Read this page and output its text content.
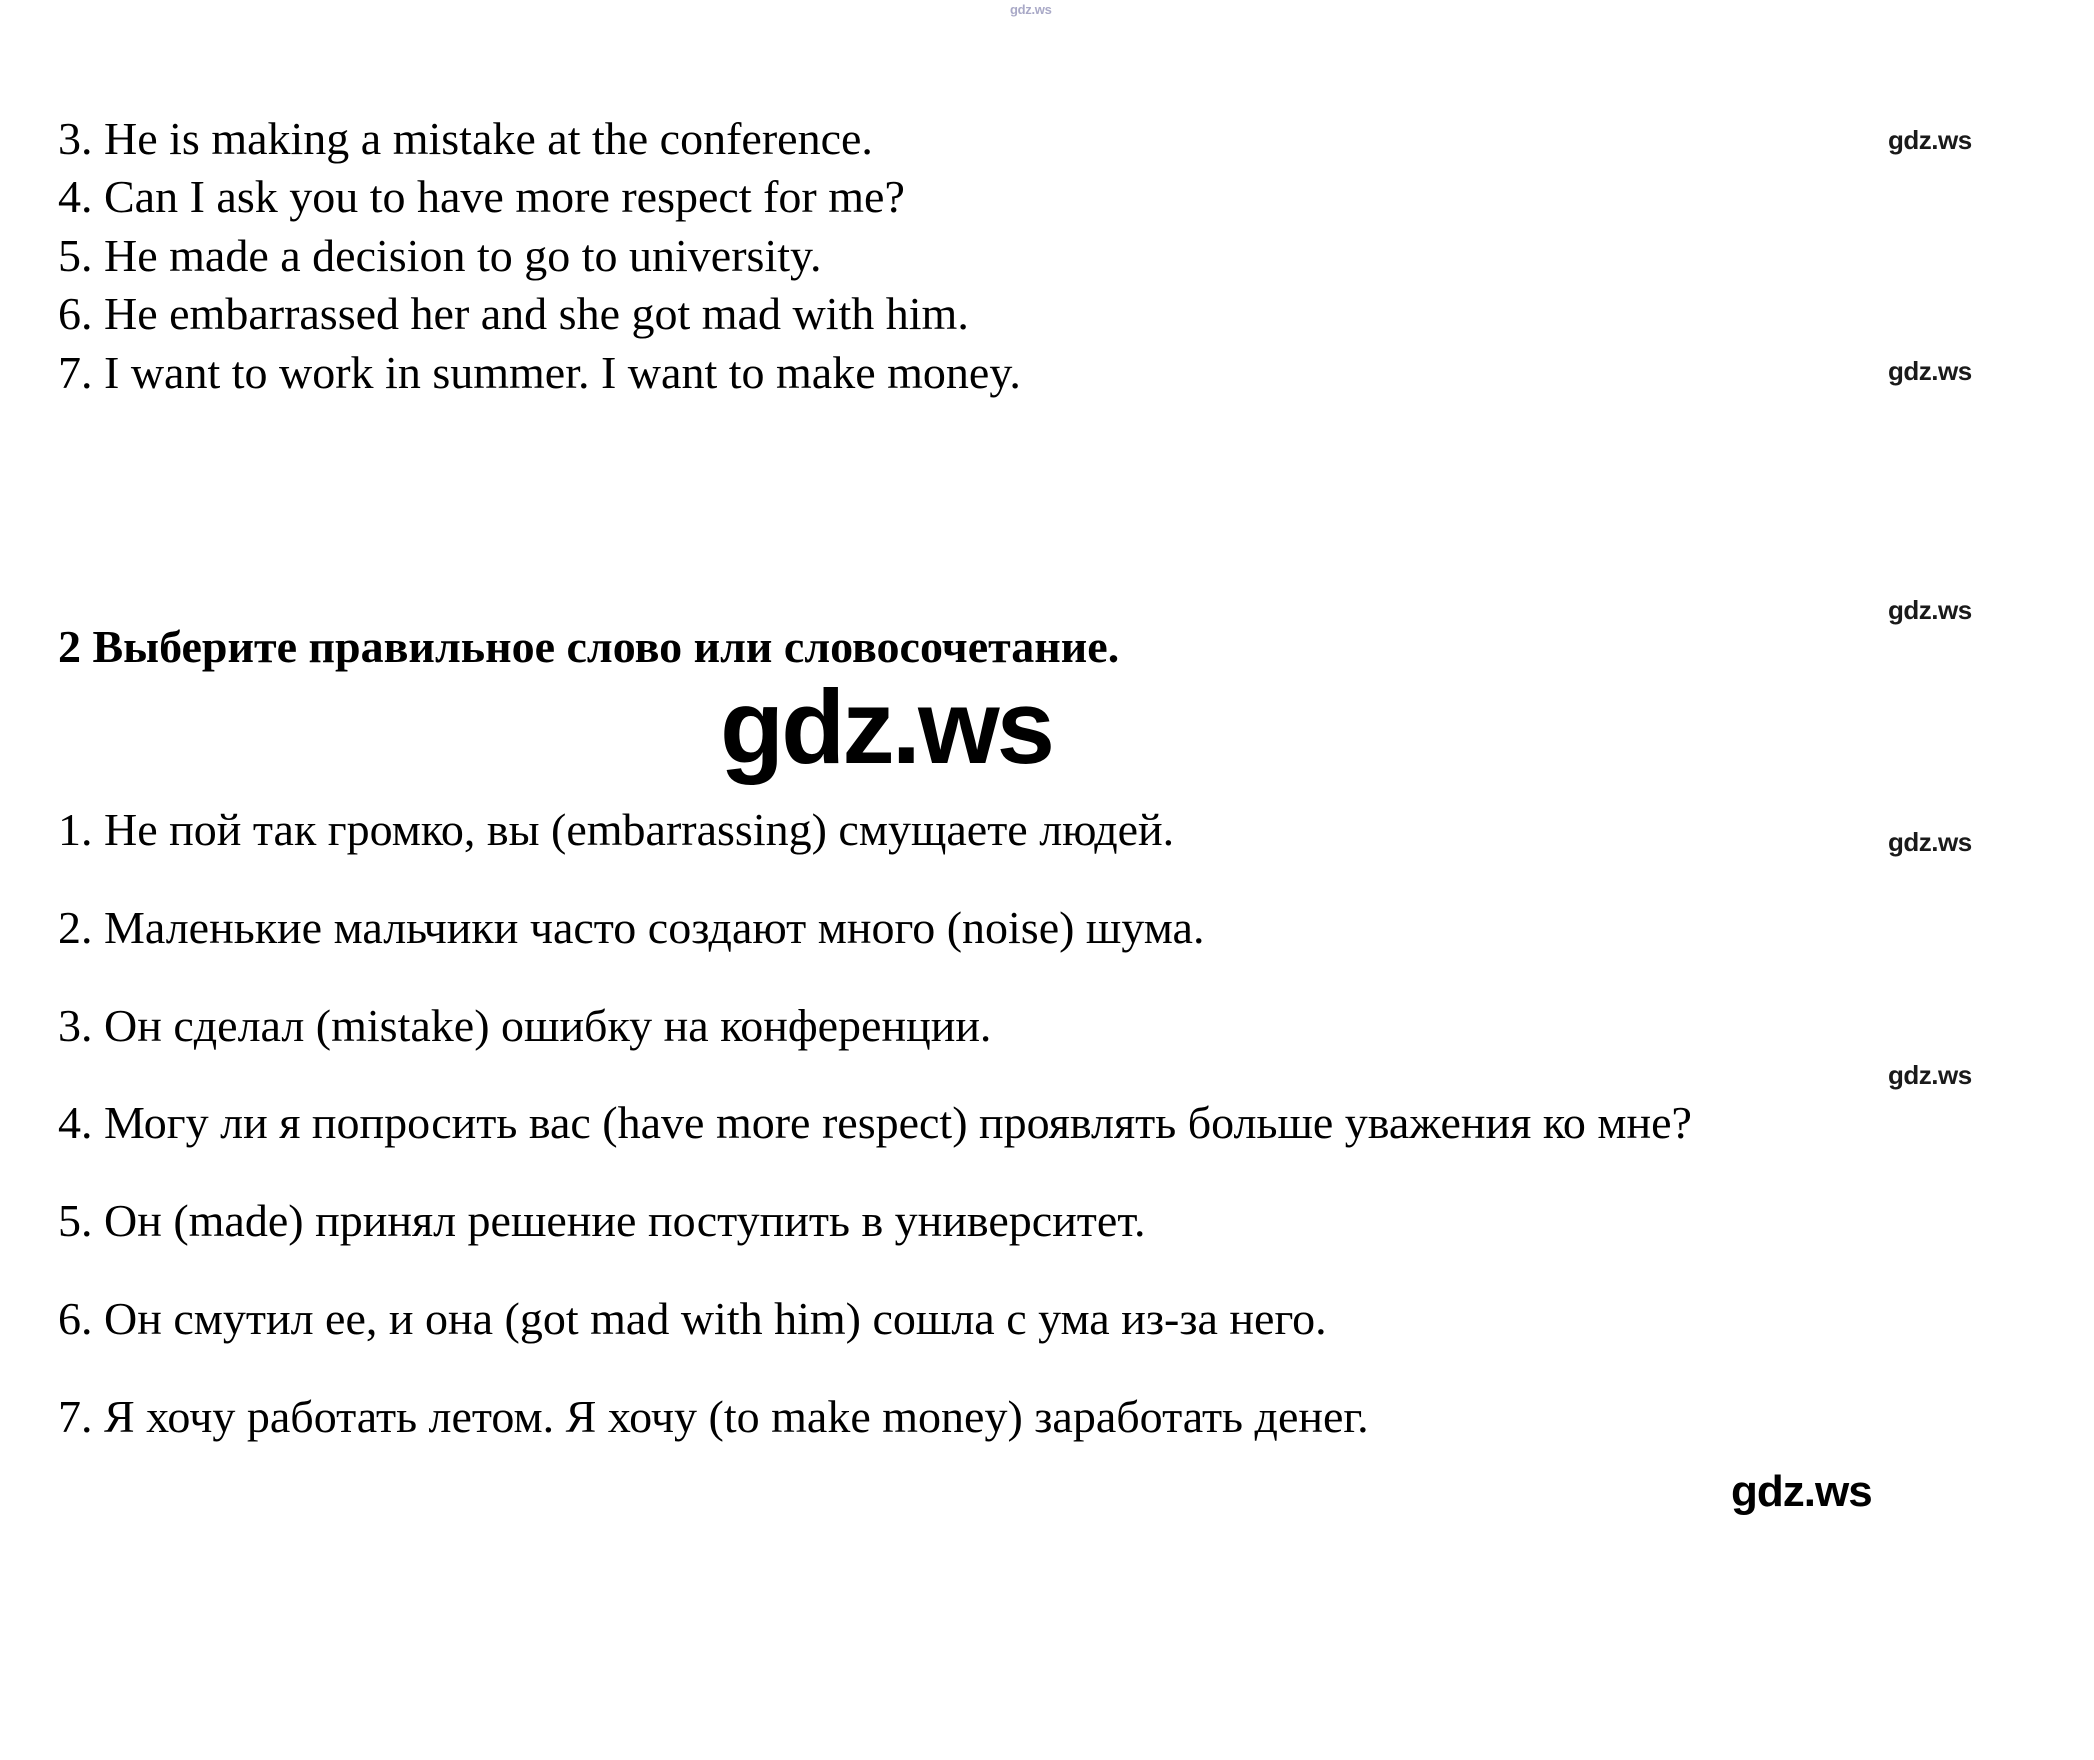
gdz.ws
gdz.ws
gdz.ws
gdz.ws
gdz.ws
gdz.ws
gdz.ws
gdz.ws
3. He is making a mistake at the conference.
4. Can I ask you to have more respect for me?
5. He made a decision to go to university.
6. He embarrassed her and she got mad with him.
7. I want to work in summer. I want to make money.
2 Выберите правильное слово или словосочетание.
1. Не пой так громко, вы (embarrassing) смущаете людей.
2. Маленькие мальчики часто создают много (noise) шума.
3. Он сделал (mistake) ошибку на конференции.
4. Могу ли я попросить вас (have more respect) проявлять больше уважения ко мне?
5. Он (made) принял решение поступить в университет.
6. Он смутил ее, и она (got mad with him) сошла с ума из-за него.
7. Я хочу работать летом. Я хочу (to make money) заработать денег.
